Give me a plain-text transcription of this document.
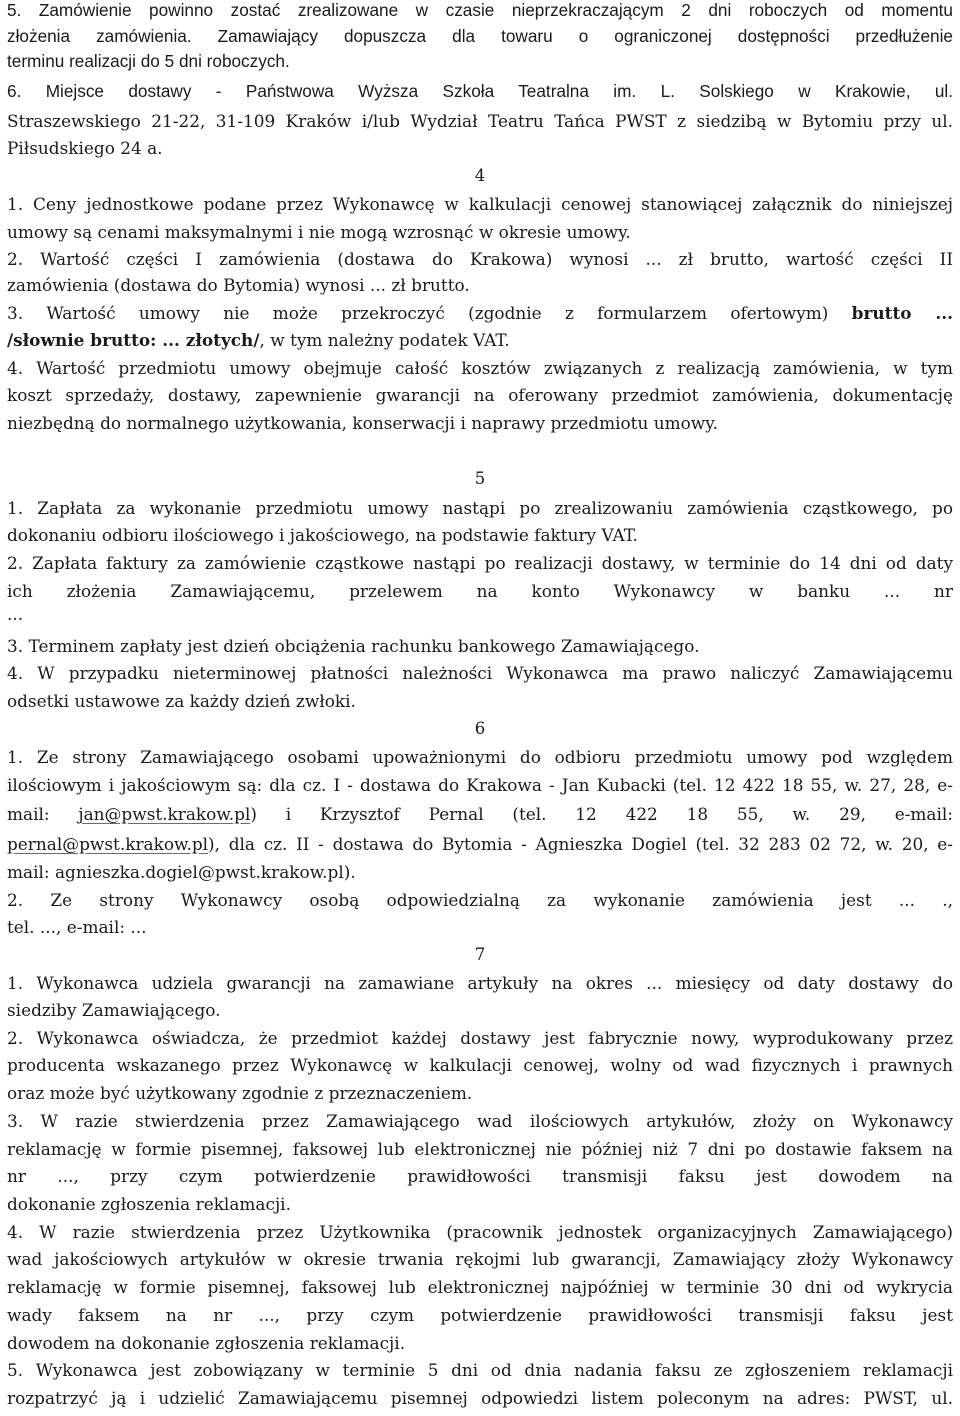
5. Zamówienie powinno zostać zrealizowane w czasie nieprzekraczającym 2 dni roboczych od momentu
złożenia zamówienia. Zamawiający dopuszcza dla towaru o ograniczonej dostępności przedłużenie
terminu realizacji do 5 dni roboczych.
6. Miejsce dostawy - Państwowa Wyższa Szkoła Teatralna im. L. Solskiego w Krakowie, ul.
Straszewskiego 21-22, 31-109 Kraków i/lub Wydział Teatru Tańca PWST z siedzibą w Bytomiu przy ul.
Piłsudskiego 24 a.
4
1. Ceny jednostkowe podane przez Wykonawcę w kalkulacji cenowej stanowiącej załącznik do niniejszej
umowy są cenami maksymalnymi i nie mogą wzrosnąć w okresie umowy.
2. Wartość części I zamówienia (dostawa do Krakowa) wynosi ... zł brutto, wartość części II
zamówienia (dostawa do Bytomia) wynosi ... zł brutto.
3. Wartość umowy nie może przekroczyć (zgodnie z formularzem ofertowym) brutto ...
/słownie brutto: ... złotych/, w tym należny podatek VAT.
4. Wartość przedmiotu umowy obejmuje całość kosztów związanych z realizacją zamówienia, w tym
koszt sprzedaży, dostawy, zapewnienie gwarancji na oferowany przedmiot zamówienia, dokumentację
niezbędną do normalnego użytkowania, konserwacji i naprawy przedmiotu umowy.
5
1. Zapłata za wykonanie przedmiotu umowy nastąpi po zrealizowaniu zamówienia cząstkowego, po
dokonaniu odbioru ilościowego i jakościowego, na podstawie faktury VAT.
2. Zapłata faktury za zamówienie cząstkowe nastąpi po realizacji dostawy, w terminie do 14 dni od daty
ich złożenia Zamawiającemu, przelewem na konto Wykonawcy w banku ... nr
...
3. Terminem zapłaty jest dzień obciążenia rachunku bankowego Zamawiającego.
4. W przypadku nieterminowej płatności należności Wykonawca ma prawo naliczyć Zamawiającemu
odsetki ustawowe za każdy dzień zwłoki.
6
1. Ze strony Zamawiającego osobami upoważnionymi do odbioru przedmiotu umowy pod względem
ilościowym i jakościowym są: dla cz. I - dostawa do Krakowa - Jan Kubacki (tel. 12 422 18 55, w. 27, 28, e-
mail: jan@pwst.krakow.pl) i Krzysztof Pernal (tel. 12 422 18 55, w. 29, e-mail:
pernal@pwst.krakow.pl), dla cz. II - dostawa do Bytomia - Agnieszka Dogiel (tel. 32 283 02 72, w. 20, e-
mail: agnieszka.dogiel@pwst.krakow.pl).
2. Ze strony Wykonawcy osobą odpowiedzialną za wykonanie zamówienia jest ... .,
tel. ..., e-mail: ...
7
1. Wykonawca udziela gwarancji na zamawiane artykuły na okres ... miesięcy od daty dostawy do
siedziby Zamawiającego.
2. Wykonawca oświadcza, że przedmiot każdej dostawy jest fabrycznie nowy, wyprodukowany przez
producenta wskazanego przez Wykonawcę w kalkulacji cenowej, wolny od wad fizycznych i prawnych
oraz może być użytkowany zgodnie z przeznaczeniem.
3. W razie stwierdzenia przez Zamawiającego wad ilościowych artykułów, złoży on Wykonawcy
reklamację w formie pisemnej, faksowej lub elektronicznej nie później niż 7 dni po dostawie faksem na
nr ..., przy czym potwierdzenie prawidłowości transmisji faksu jest dowodem na
dokonanie zgłoszenia reklamacji.
4. W razie stwierdzenia przez Użytkownika (pracownik jednostek organizacyjnych Zamawiającego)
wad jakościowych artykułów w okresie trwania rękojmi lub gwarancji, Zamawiający złoży Wykonawcy
reklamację w formie pisemnej, faksowej lub elektronicznej najpóźniej w terminie 30 dni od wykrycia
wady faksem na nr ..., przy czym potwierdzenie prawidłowości transmisji faksu jest
dowodem na dokonanie zgłoszenia reklamacji.
5. Wykonawca jest zobowiązany w terminie 5 dni od dnia nadania faksu ze zgłoszeniem reklamacji
rozpatrzyć ją i udzielić Zamawiającemu pisemnej odpowiedzi listem poleconym na adres: PWST, ul.
